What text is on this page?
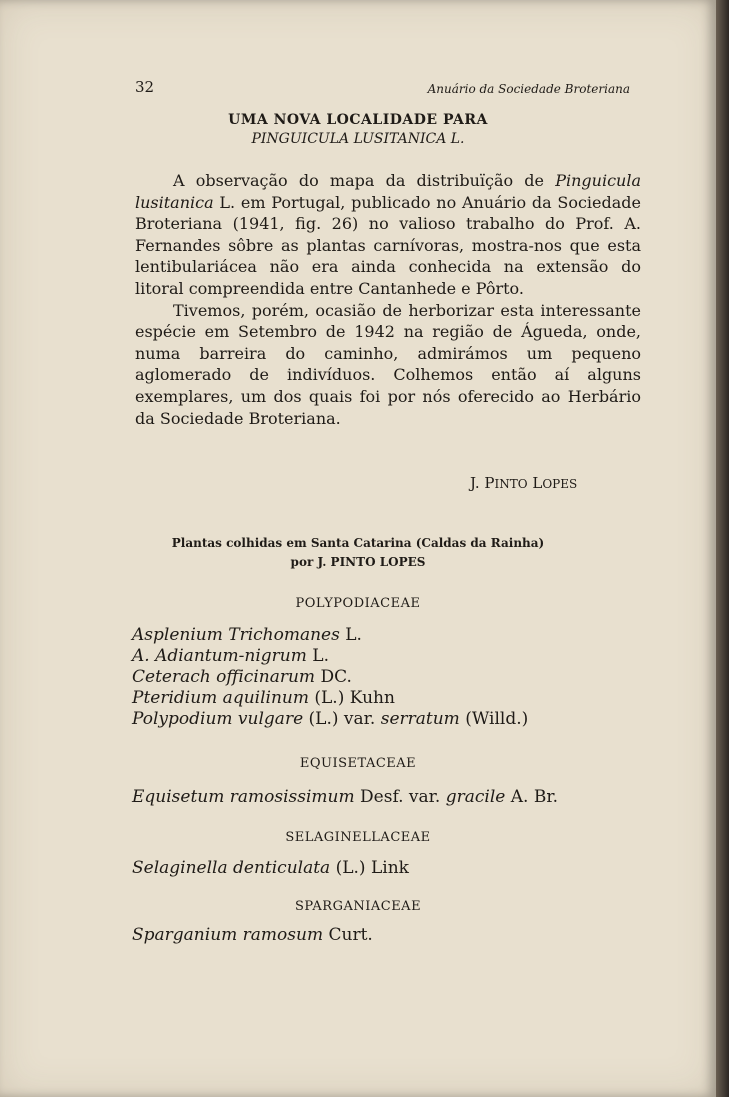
32	Anuário da Sociedade Broteriana
UMA NOVA LOCALIDADE PARA
PINGUICULA LUSITANICA L.

A observação do mapa da distribuïção de Pinguicula lusitanica L. em Portugal, publicado no Anuário da Sociedade Broteriana (1941, fig. 26) no valioso trabalho do Prof. A. Fernandes sôbre as plantas carnívoras, mostra-nos que esta lentibulariácea não era ainda conhecida na extensão do litoral compreendida entre Cantanhede e Pôrto.

Tivemos, porém, ocasião de herborizar esta interessante espécie em Setembro de 1942 na região de Águeda, onde, numa barreira do caminho, admirámos um pequeno aglomerado de indivíduos. Colhemos então aí alguns exemplares, um dos quais foi por nós oferecido ao Herbário da Sociedade Broteriana.

J. PINTO LOPES
Plantas colhidas em Santa Catarina (Caldas da Rainha)
por J. PINTO LOPES
POLYPODIACEAE
Asplenium Trichomanes L.
A. Adiantum-nigrum L.
Ceterach officinarum DC.
Pteridium aquilinum (L.) Kuhn
Polypodium vulgare (L.) var. serratum (Willd.)
EQUISETACEAE
Equisetum ramosissimum Desf. var. gracile A. Br.
SELAGINELLACEAE
Selaginella denticulata (L.) Link
SPARGANIACEAE
Sparganium ramosum Curt.
